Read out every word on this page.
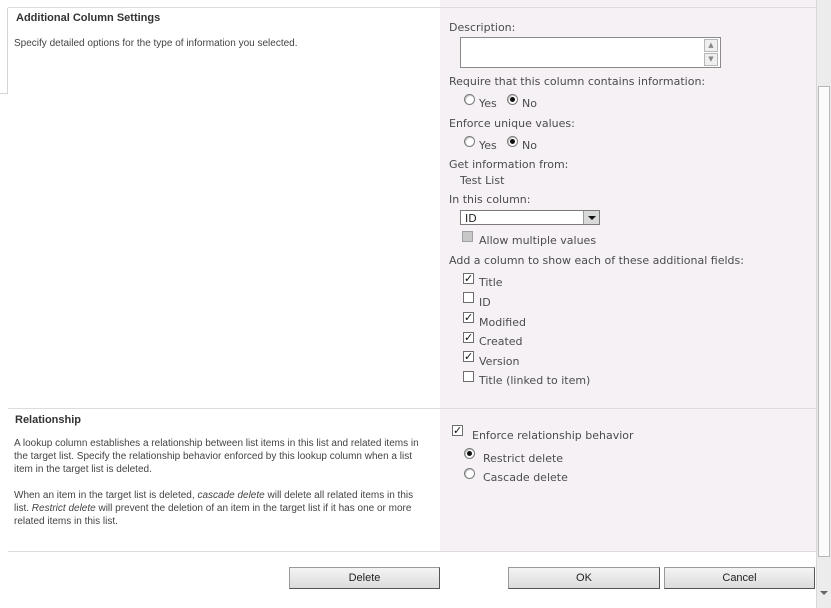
Additional Column Settings
Specify detailed options for the type of information you selected.
Description:
▲
▼
Require that this column contains information:
Yes No
Enforce unique values:
Yes No
Get information from:
Test List
In this column:
ID
Allow multiple values
Add a column to show each of these additional fields:
✓ Title
ID
✓ Modified
✓ Created
✓ Version
Title (linked to item)
Relationship
A lookup column establishes a relationship between list items in this list and related items in the target list. Specify the relationship behavior enforced by this lookup column when a list item in the target list is deleted.
When an item in the target list is deleted, cascade delete will delete all related items in this list. Restrict delete will prevent the deletion of an item in the target list if it has one or more related items in this list.
✓ Enforce relationship behavior
Restrict delete
Cascade delete
Delete	OK	Cancel
